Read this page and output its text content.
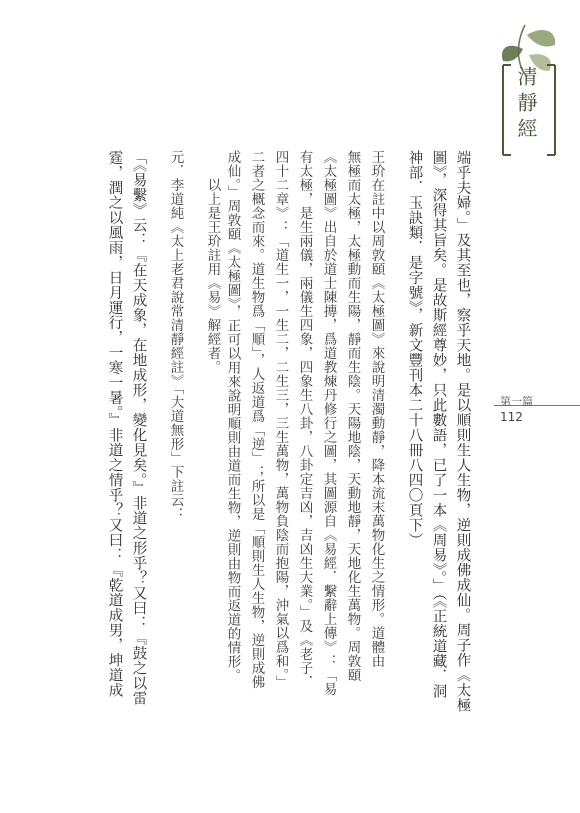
清靜經
第一篇
112
端乎夫婦。」及其至也，察乎天地。是以順則生人生物，逆則成佛成仙。周子作《太極
圖》，深得其旨矣。是故斯經尊妙，只此數語，已了一本《周易》。」（《正統道藏．洞
神部．玉訣類．是字號》，新文豐刊本二十八冊八四〇頁下）
王玠在註中以周敦頤《太極圖》來說明清濁動靜，降本流末萬物化生之情形。道體由
無極而太極，太極動而生陽，靜而生陰。天陽地陰，天動地靜，天地化生萬物。周敦頤
《太極圖》出自於道士陳摶，爲道教煉丹修行之圖，其圖源自《易經．繫辭上傳》：「易
有太極，是生兩儀，兩儀生四象，四象生八卦，八卦定吉凶，吉凶生大業。」及《老子．
四十二章》：「道生一，一生二，二生三，三生萬物，萬物負陰而抱陽，沖氣以爲和。」
二者之概念而來。道生物爲「順」，人返道爲「逆」；所以是「順則生人生物，逆則成佛
成仙。」周敦頤《太極圖》，正可以用來說明順則由道而生物，逆則由物而返道的情形。
以上是王玠註用《易》解經者。
元．李道純《太上老君說常清靜經註》「大道無形」下註云：
「《易繫》云：『在天成象，在地成形，變化見矣。』非道之形乎？又曰：『鼓之以雷
霆，潤之以風雨，日月運行，一寒一暑。』非道之情乎？又曰：『乾道成男，坤道成
